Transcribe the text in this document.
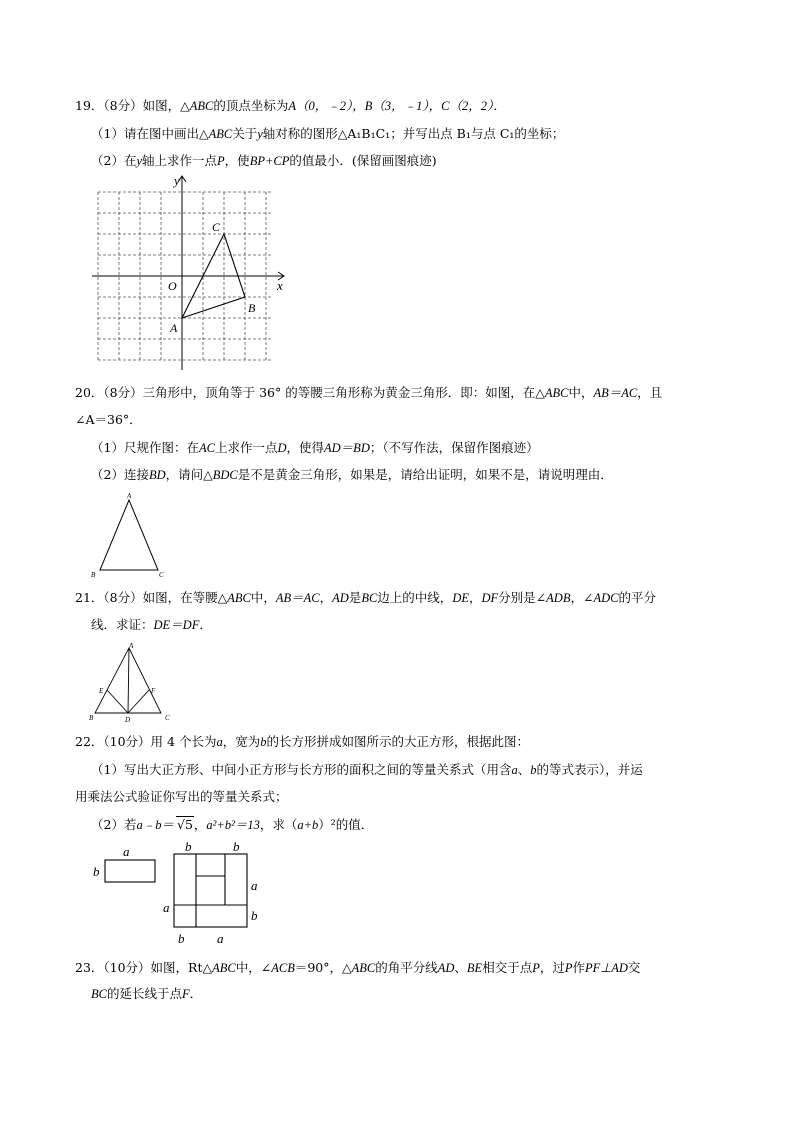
19．（8分）如图，△ABC的顶点坐标为A（0，﹣2），B（3，﹣1），C（2，2）．
（1）请在图中画出△ABC关于y轴对称的图形△A₁B₁C₁；并写出点 B₁与点 C₁的坐标；
（2）在y轴上求作一点P，使BP+CP的值最小．(保留画图痕迹)
y
x
O
A
B
C
20．（8分）三角形中，顶角等于 36° 的等腰三角形称为黄金三角形．即：如图，在△ABC中，AB＝AC，且
∠A＝36°．
（1）尺规作图：在AC上求作一点D，使得AD＝BD；（不写作法，保留作图痕迹）
（2）连接BD，请问△BDC是不是黄金三角形，如果是，请给出证明，如果不是，请说明理由．
A
B	C
21．（8分）如图，在等腰△ABC中，AB＝AC，AD是BC边上的中线，DE，DF分别是∠ADB，∠ADC的平分
线．求证：DE＝DF．
A
B	C
D
E	F
22．（10分）用 4 个长为a，宽为b的长方形拼成如图所示的大正方形，根据此图：
（1）写出大正方形、中间小正方形与长方形的面积之间的等量关系式（用含a、b的等式表示），并运
用乘法公式验证你写出的等量关系式；
（2）若a﹣b＝ √5，a²+b²＝13，求（a+b）²的值．
a
b
b	b
a
a
b
b	a
23．（10分）如图，Rt△ABC中，∠ACB＝90°，△ABC的角平分线AD、BE相交于点P，过P作PF⊥AD交
BC的延长线于点F．
